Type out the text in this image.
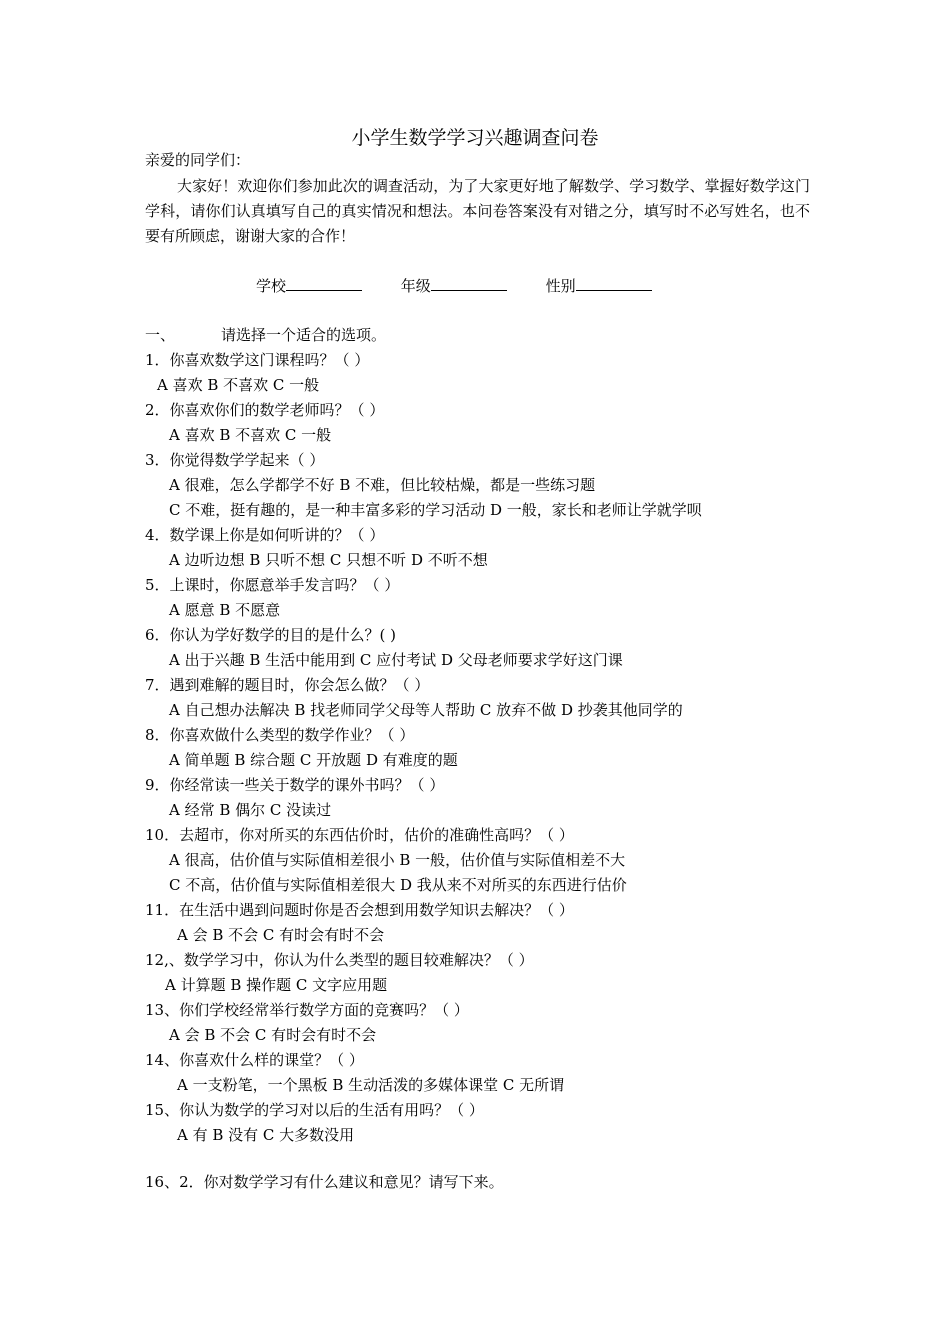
小学生数学学习兴趣调查问卷
亲爱的同学们：
大家好！欢迎你们参加此次的调查活动，为了大家更好地了解数学、学习数学、掌握好数学这门学科，请你们认真填写自己的真实情况和想法。本问卷答案没有对错之分，填写时不必写姓名，也不要有所顾虑，谢谢大家的合作！
学校	年级	性别
一、	请选择一个适合的选项。
1．你喜欢数学这门课程吗？（ ）
A 喜欢 B 不喜欢 C 一般
2．你喜欢你们的数学老师吗？（ ）
A 喜欢 B 不喜欢 C 一般
3．你觉得数学学起来（ ）
A 很难，怎么学都学不好 B 不难，但比较枯燥，都是一些练习题
C 不难，挺有趣的，是一种丰富多彩的学习活动 D 一般，家长和老师让学就学呗
4．数学课上你是如何听讲的？（ ）
A 边听边想 B 只听不想 C 只想不听 D 不听不想
5．上课时，你愿意举手发言吗？（ ）
A 愿意 B 不愿意
6．你认为学好数学的目的是什么？( )
A 出于兴趣 B 生活中能用到 C 应付考试 D 父母老师要求学好这门课
7．遇到难解的题目时，你会怎么做？（ ）
A 自己想办法解决 B 找老师同学父母等人帮助 C 放弃不做 D 抄袭其他同学的
8．你喜欢做什么类型的数学作业？（ ）
A 简单题 B 综合题 C 开放题 D 有难度的题
9．你经常读一些关于数学的课外书吗？（ ）
A 经常 B 偶尔 C 没读过
10．去超市，你对所买的东西估价时，估价的准确性高吗？（ ）
A 很高，估价值与实际值相差很小 B 一般，估价值与实际值相差不大
C 不高，估价值与实际值相差很大 D 我从来不对所买的东西进行估价
11．在生活中遇到问题时你是否会想到用数学知识去解决？（ ）
A 会 B 不会 C 有时会有时不会
12,、数学学习中，你认为什么类型的题目较难解决？（ ）
A 计算题 B 操作题 C 文字应用题
13、你们学校经常举行数学方面的竞赛吗？（ ）
A 会 B 不会 C 有时会有时不会
14、你喜欢什么样的课堂？（ ）
A 一支粉笔，一个黑板 B 生动活泼的多媒体课堂 C 无所谓
15、你认为数学的学习对以后的生活有用吗？（ ）
A 有 B 没有 C 大多数没用
16、2．你对数学学习有什么建议和意见？请写下来。
